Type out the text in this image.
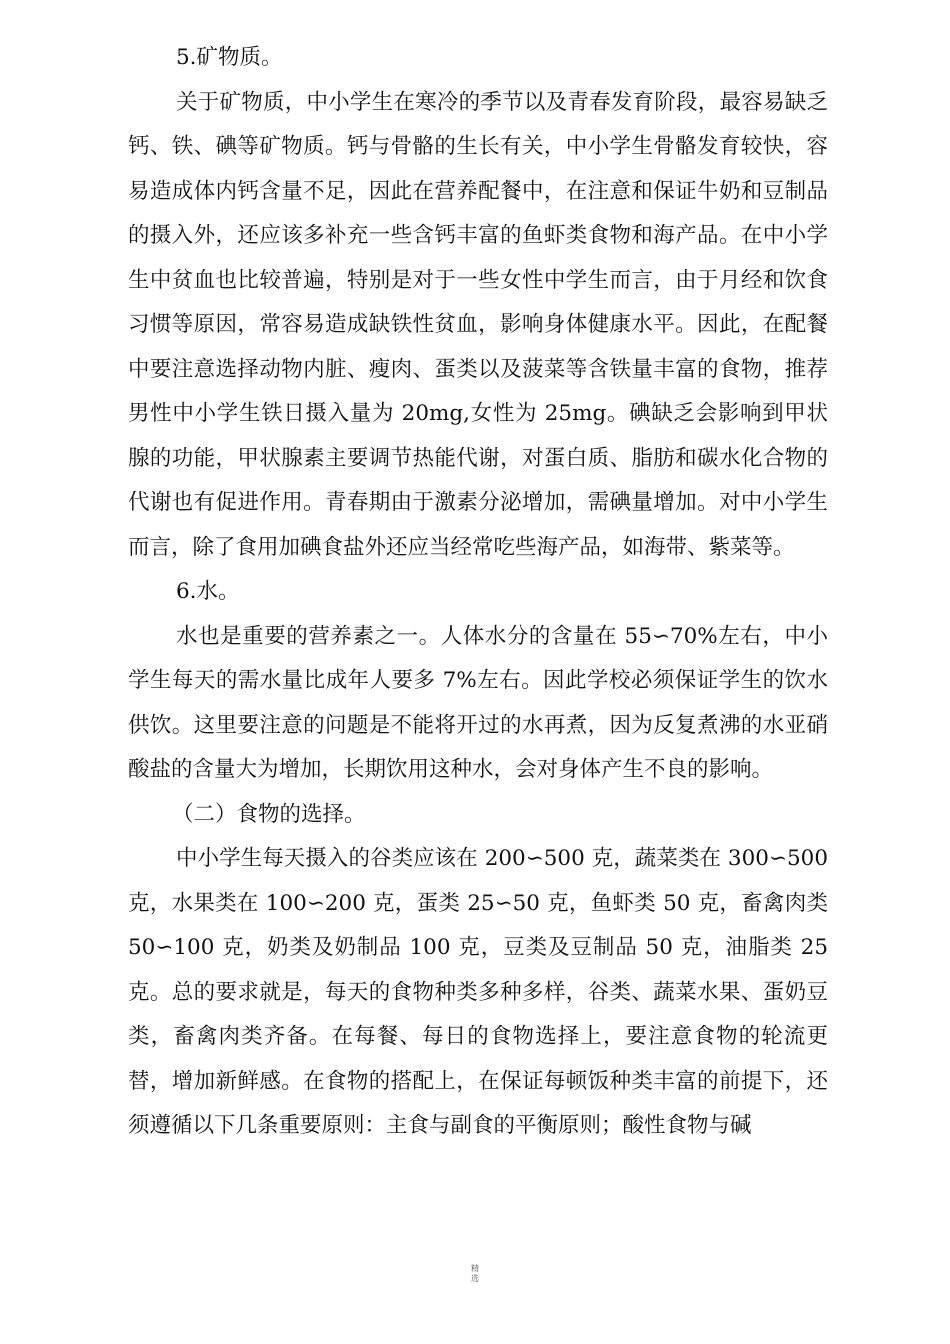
5.矿物质。

关于矿物质，中小学生在寒冷的季节以及青春发育阶段，最容易缺乏钙、铁、碘等矿物质。钙与骨骼的生长有关，中小学生骨骼发育较快，容易造成体内钙含量不足，因此在营养配餐中，在注意和保证牛奶和豆制品的摄入外，还应该多补充一些含钙丰富的鱼虾类食物和海产品。在中小学生中贫血也比较普遍，特别是对于一些女性中学生而言，由于月经和饮食习惯等原因，常容易造成缺铁性贫血，影响身体健康水平。因此，在配餐中要注意选择动物内脏、瘦肉、蛋类以及菠菜等含铁量丰富的食物，推荐男性中小学生铁日摄入量为 20mg,女性为 25mg。碘缺乏会影响到甲状腺的功能，甲状腺素主要调节热能代谢，对蛋白质、脂肪和碳水化合物的代谢也有促进作用。青春期由于激素分泌增加，需碘量增加。对中小学生而言，除了食用加碘食盐外还应当经常吃些海产品，如海带、紫菜等。

6.水。

水也是重要的营养素之一。人体水分的含量在 55∽70%左右，中小学生每天的需水量比成年人要多 7%左右。因此学校必须保证学生的饮水供饮。这里要注意的问题是不能将开过的水再煮，因为反复煮沸的水亚硝酸盐的含量大为增加，长期饮用这种水，会对身体产生不良的影响。

（二）食物的选择。

中小学生每天摄入的谷类应该在 200∽500 克，蔬菜类在 300∽500克，水果类在 100∽200 克，蛋类 25∽50 克，鱼虾类 50 克，畜禽肉类 50∽100 克，奶类及奶制品 100 克，豆类及豆制品 50 克，油脂类 25 克。总的要求就是，每天的食物种类多种多样，谷类、蔬菜水果、蛋奶豆类，畜禽肉类齐备。在每餐、每日的食物选择上，要注意食物的轮流更替，增加新鲜感。在食物的搭配上，在保证每顿饭种类丰富的前提下，还须遵循以下几条重要原则：主食与副食的平衡原则；酸性食物与碱

精
选
